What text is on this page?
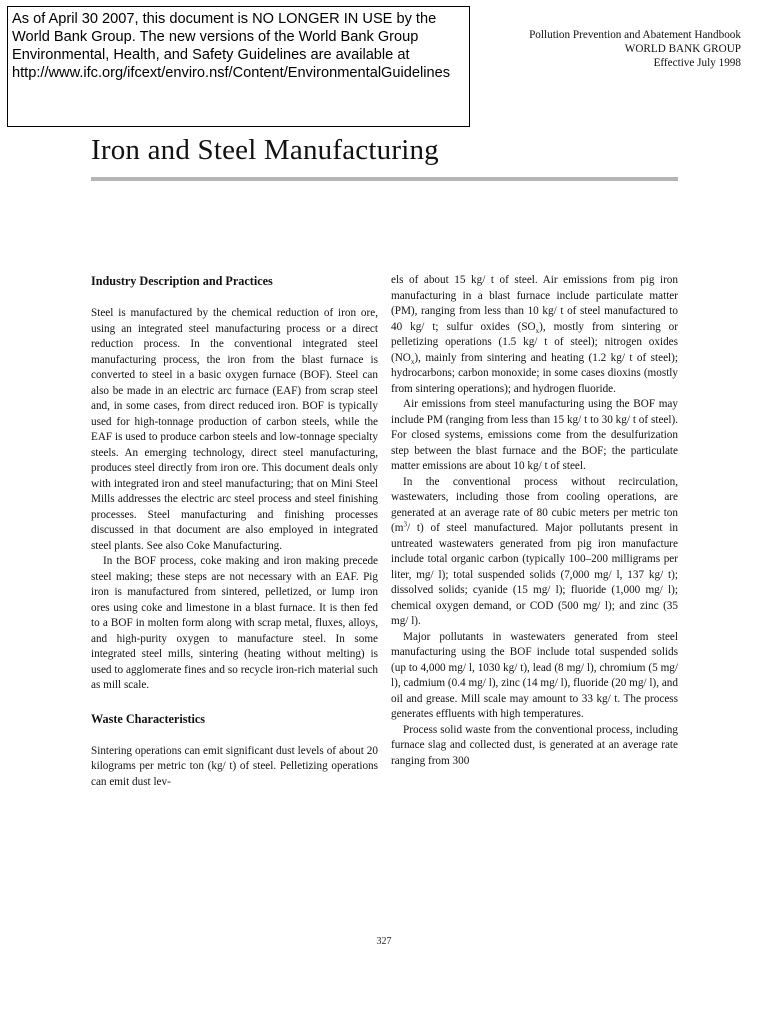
As of April 30 2007, this document is NO LONGER IN USE by the
World Bank Group. The new versions of the World Bank Group
Environmental, Health, and Safety Guidelines are available at
http://www.ifc.org/ifcext/enviro.nsf/Content/EnvironmentalGuidelines
Pollution Prevention and Abatement Handbook
WORLD BANK GROUP
Effective July 1998
Iron and Steel Manufacturing
Industry Description and Practices

Steel is manufactured by the chemical reduction of iron ore, using an integrated steel manufacturing process or a direct reduction process. In the conventional integrated steel manufacturing process, the iron from the blast furnace is converted to steel in a basic oxygen furnace (BOF). Steel can also be made in an electric arc furnace (EAF) from scrap steel and, in some cases, from direct reduced iron. BOF is typically used for high-tonnage production of carbon steels, while the EAF is used to produce carbon steels and low-tonnage specialty steels. An emerging technology, direct steel manufacturing, produces steel directly from iron ore. This document deals only with integrated iron and steel manufacturing; that on Mini Steel Mills addresses the electric arc steel process and steel finishing processes. Steel manufacturing and finishing processes discussed in that document are also employed in integrated steel plants. See also Coke Manufacturing.

In the BOF process, coke making and iron making precede steel making; these steps are not necessary with an EAF. Pig iron is manufactured from sintered, pelletized, or lump iron ores using coke and limestone in a blast furnace. It is then fed to a BOF in molten form along with scrap metal, fluxes, alloys, and high-purity oxygen to manufacture steel. In some integrated steel mills, sintering (heating without melting) is used to agglomerate fines and so recycle iron-rich material such as mill scale.

Waste Characteristics

Sintering operations can emit significant dust levels of about 20 kilograms per metric ton (kg/ t) of steel. Pelletizing operations can emit dust lev-

els of about 15 kg/ t of steel. Air emissions from pig iron manufacturing in a blast furnace include particulate matter (PM), ranging from less than 10 kg/ t of steel manufactured to 40 kg/ t; sulfur oxides $(SO_x)$, mostly from sintering or pelletizing operations (1.5 kg/ t of steel); nitrogen oxides $(NO_x)$, mainly from sintering and heating (1.2 kg/ t of steel); hydrocarbons; carbon monoxide; in some cases dioxins (mostly from sintering operations); and hydrogen fluoride.

Air emissions from steel manufacturing using the BOF may include PM (ranging from less than 15 kg/ t to 30 kg/ t of steel). For closed systems, emissions come from the desulfurization step between the blast furnace and the BOF; the particulate matter emissions are about 10 kg/ t of steel.

In the conventional process without recirculation, wastewaters, including those from cooling operations, are generated at an average rate of 80 cubic meters per metric ton ($m^3/$ t) of steel manufactured. Major pollutants present in untreated wastewaters generated from pig iron manufacture include total organic carbon (typically 100–200 milligrams per liter, mg/ l); total suspended solids (7,000 mg/ l, 137 kg/ t); dissolved solids; cyanide (15 mg/ l); fluoride (1,000 mg/ l); chemical oxygen demand, or COD (500 mg/ l); and zinc (35 mg/ l).

Major pollutants in wastewaters generated from steel manufacturing using the BOF include total suspended solids (up to 4,000 mg/ l, 1030 kg/ t), lead (8 mg/ l), chromium (5 mg/ l), cadmium (0.4 mg/ l), zinc (14 mg/ l), fluoride (20 mg/ l), and oil and grease. Mill scale may amount to 33 kg/ t. The process generates effluents with high temperatures.

Process solid waste from the conventional process, including furnace slag and collected dust, is generated at an average rate ranging from 300

327
